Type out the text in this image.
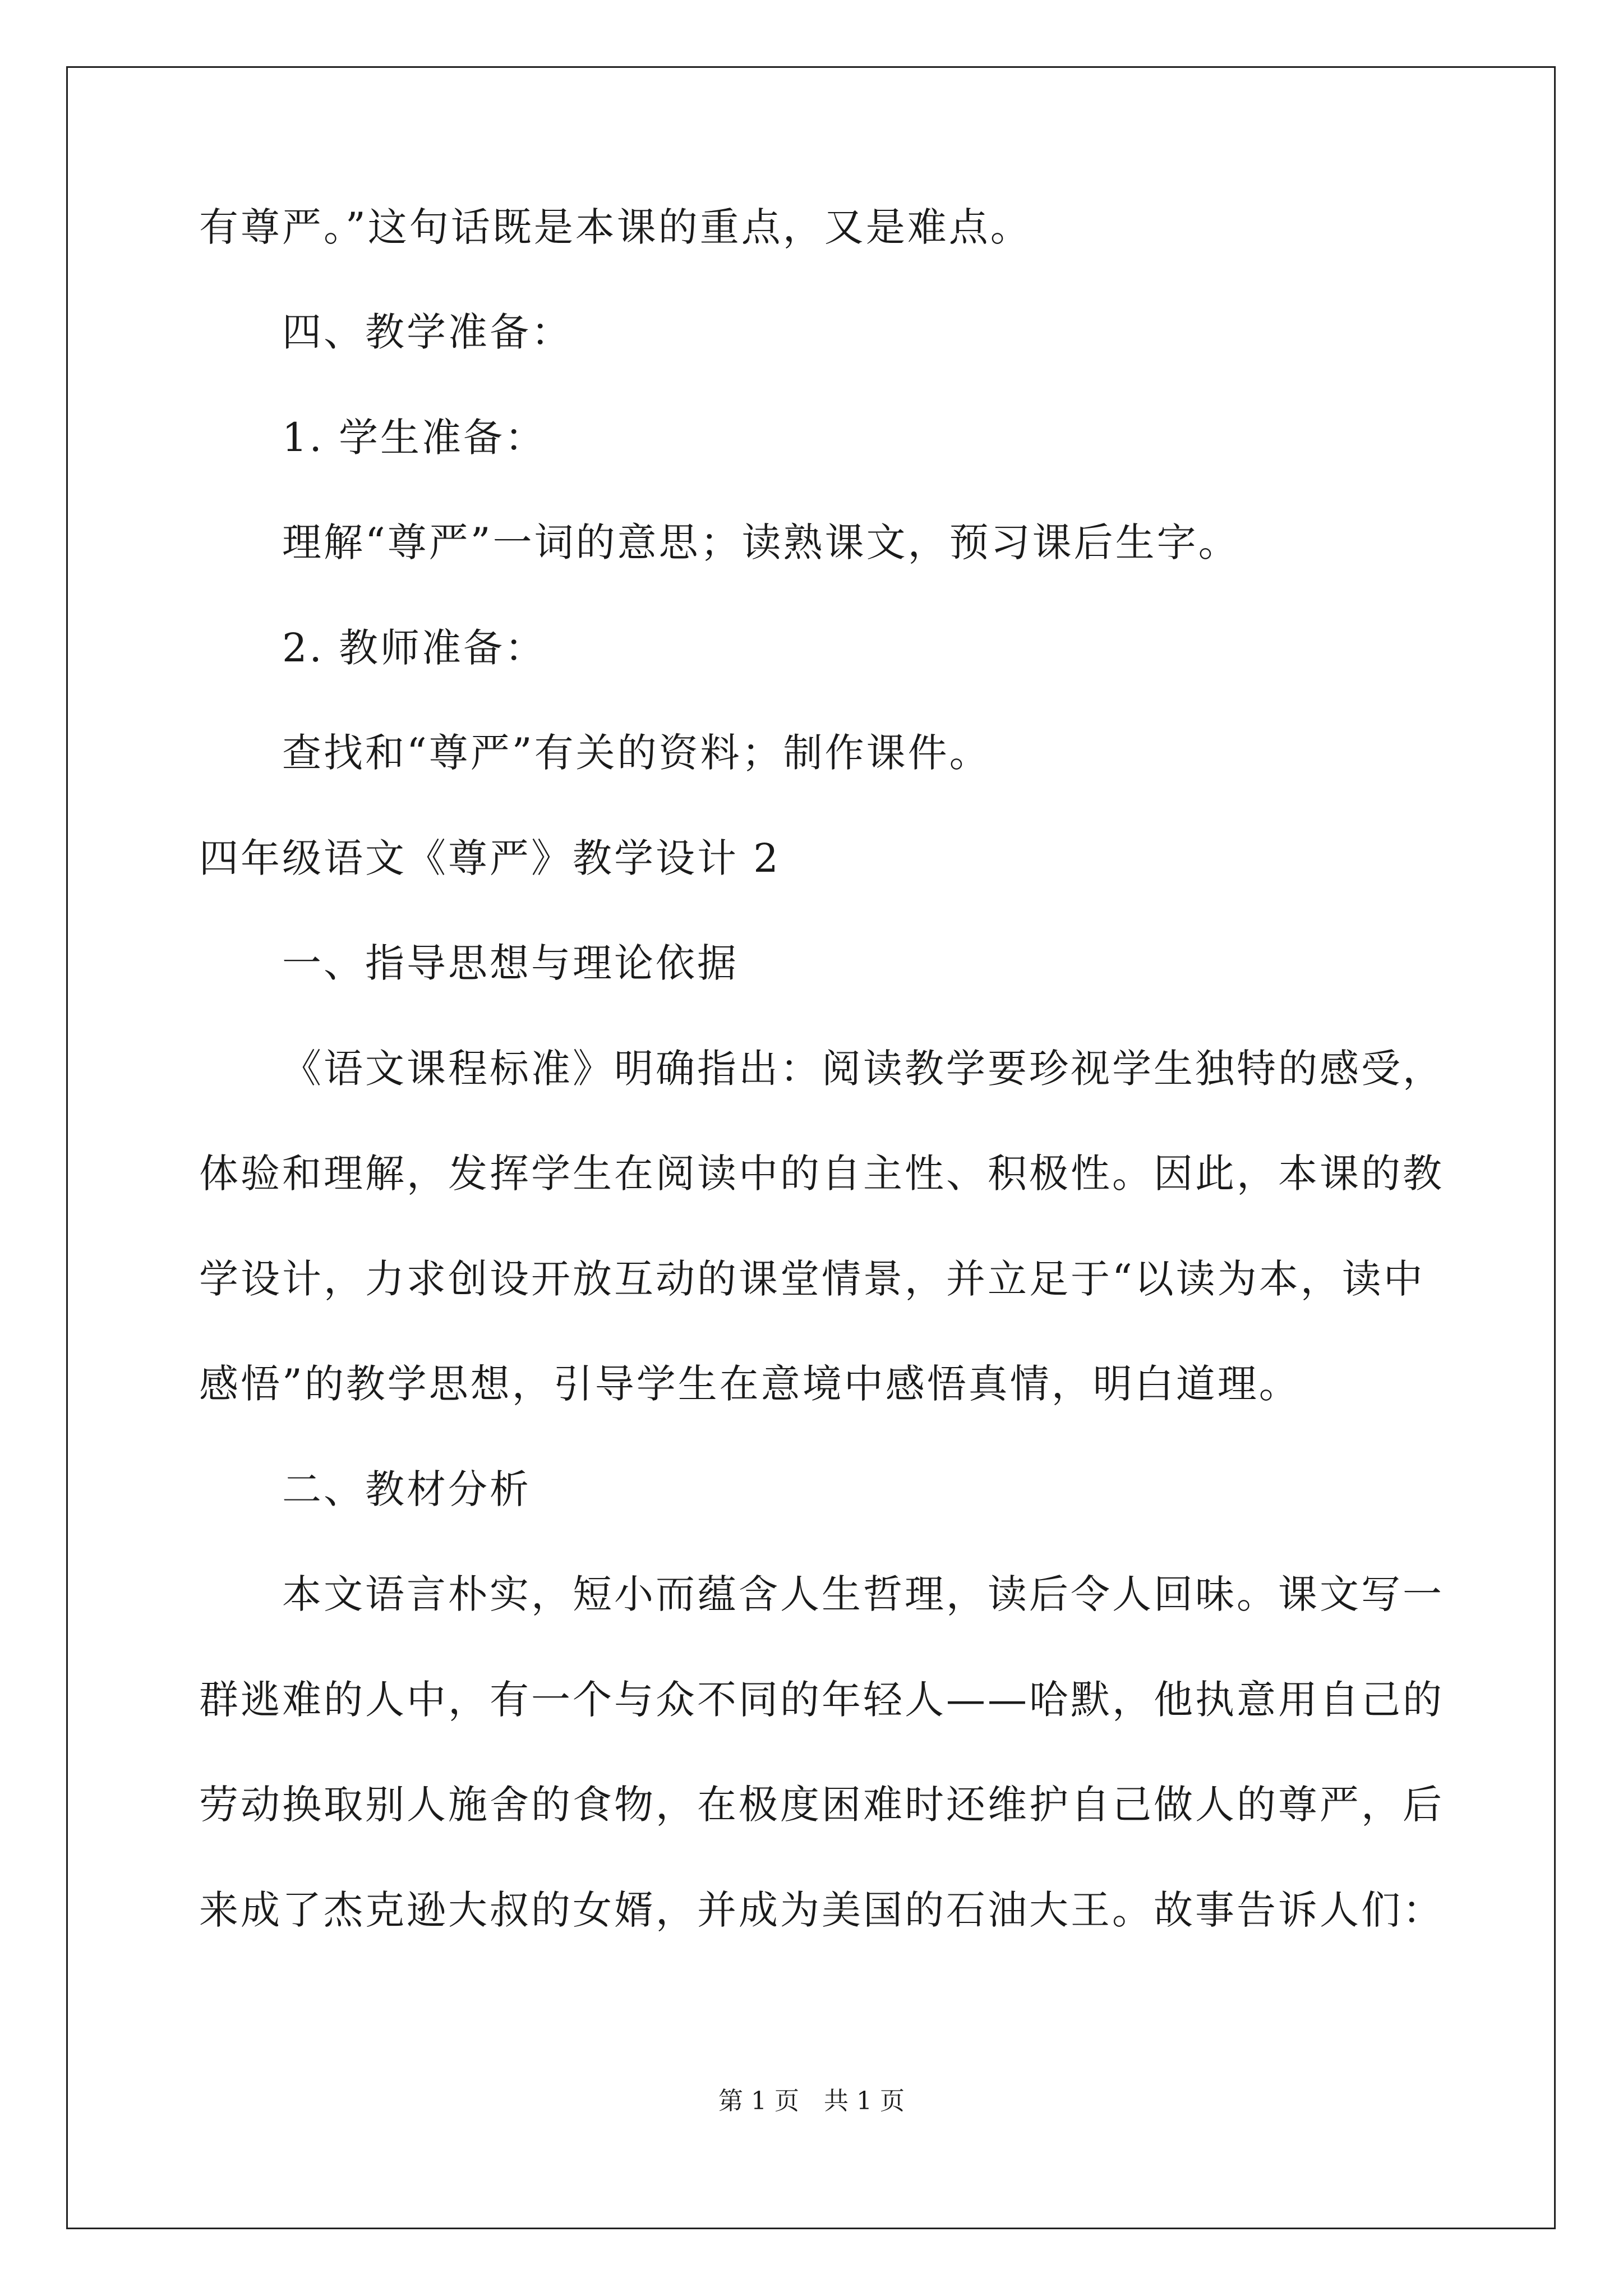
有尊严。”这句话既是本课的重点，又是难点。
四、教学准备：
1. 学生准备：
理解“尊严”一词的意思；读熟课文，预习课后生字。
2. 教师准备：
查找和“尊严”有关的资料；制作课件。
四年级语文《尊严》教学设计 2
一、指导思想与理论依据
《语文课程标准》明确指出：阅读教学要珍视学生独特的感受，
体验和理解，发挥学生在阅读中的自主性、积极性。因此，本课的教
学设计，力求创设开放互动的课堂情景，并立足于“以读为本，读中
感悟”的教学思想，引导学生在意境中感悟真情，明白道理。
二、教材分析
本文语言朴实，短小而蕴含人生哲理，读后令人回味。课文写一
群逃难的人中，有一个与众不同的年轻人——哈默，他执意用自己的
劳动换取别人施舍的食物，在极度困难时还维护自己做人的尊严，后
来成了杰克逊大叔的女婿，并成为美国的石油大王。故事告诉人们：
第 1 页　共 1 页
